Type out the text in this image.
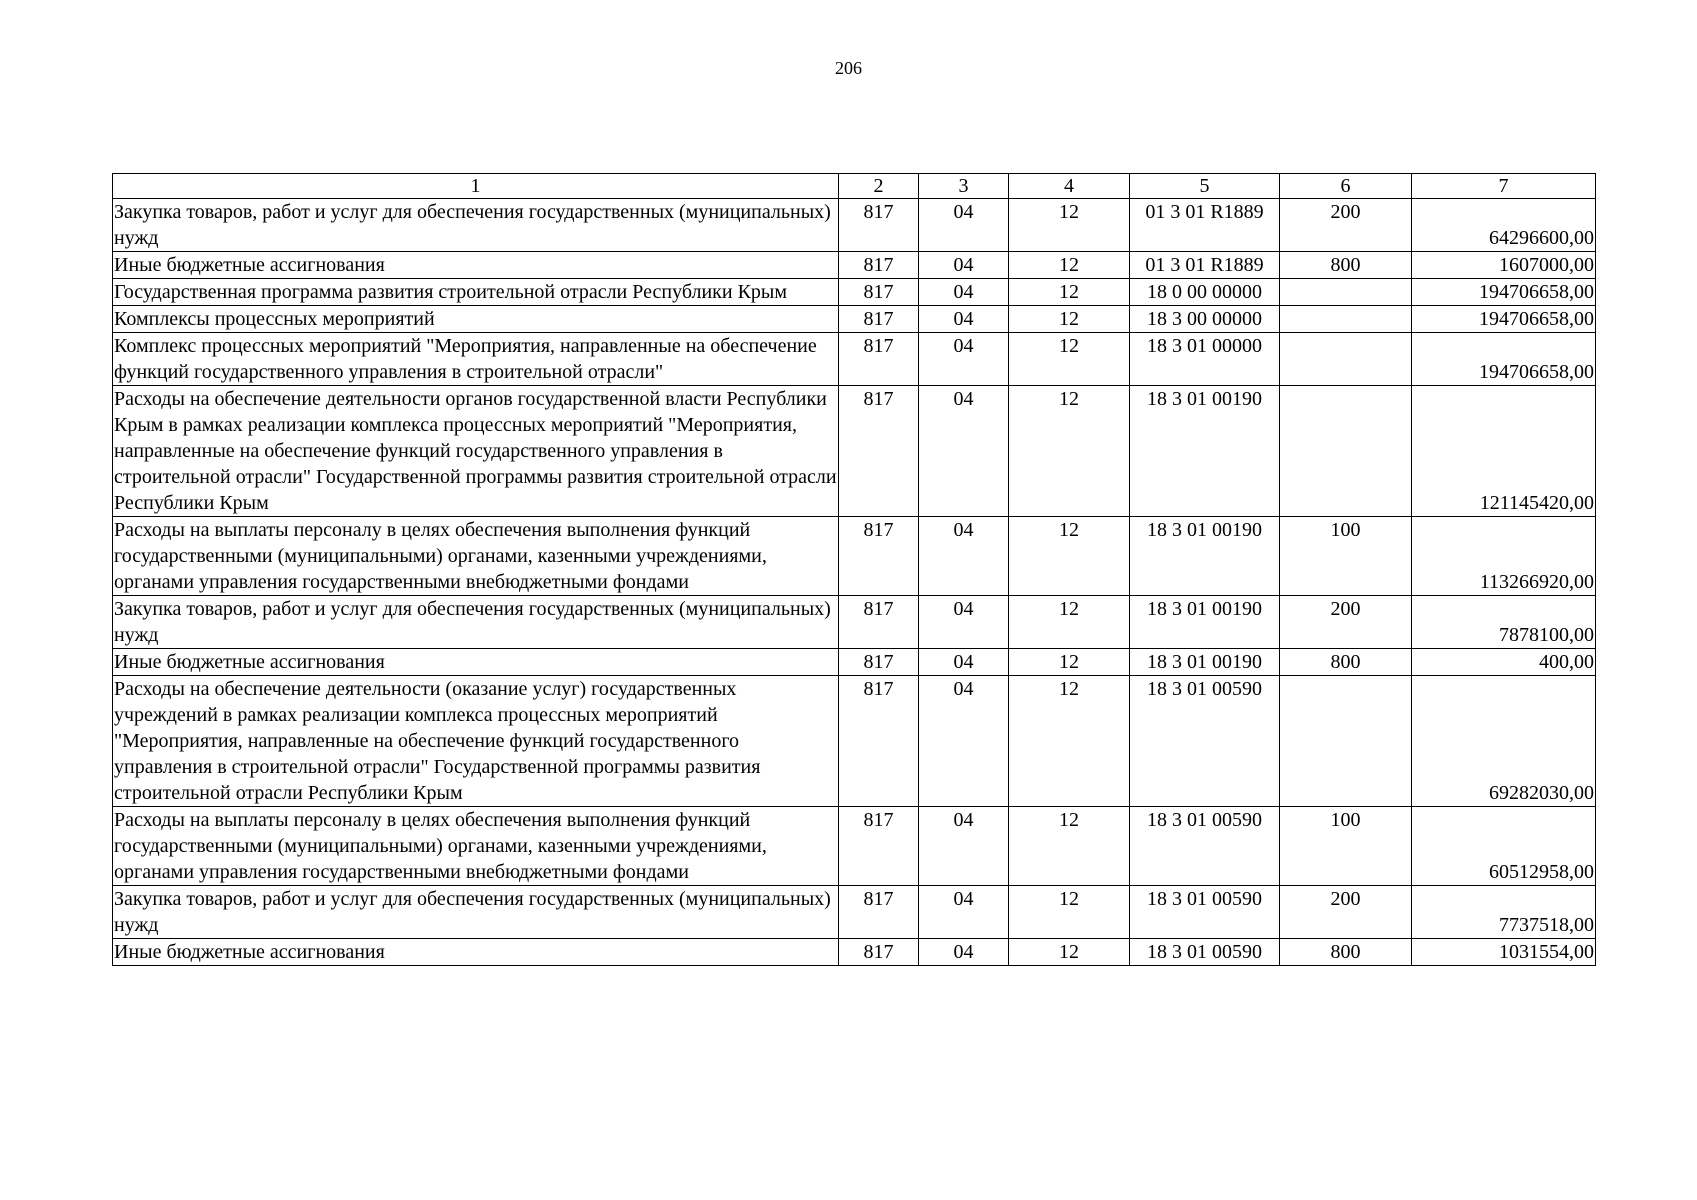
206
1	2	3	4	5	6	7
Закупка товаров, работ и услуг для обеспечения государственных (муниципальных) нужд	817	04	12	01 3 01 R1889	200	64296600,00
Иные бюджетные ассигнования	817	04	12	01 3 01 R1889	800	1607000,00
Государственная программа развития строительной отрасли Республики Крым	817	04	12	18 0 00 00000		194706658,00
Комплексы процессных мероприятий	817	04	12	18 3 00 00000		194706658,00
Комплекс процессных мероприятий "Мероприятия, направленные на обеспечение функций государственного управления в строительной отрасли"	817	04	12	18 3 01 00000		194706658,00
Расходы на обеспечение деятельности органов государственной власти Республики Крым в рамках реализации комплекса процессных мероприятий "Мероприятия, направленные на обеспечение функций государственного управления в строительной отрасли" Государственной программы развития строительной отрасли Республики Крым	817	04	12	18 3 01 00190		121145420,00
Расходы на выплаты персоналу в целях обеспечения выполнения функций государственными (муниципальными) органами, казенными учреждениями, органами управления государственными внебюджетными фондами	817	04	12	18 3 01 00190	100	113266920,00
Закупка товаров, работ и услуг для обеспечения государственных (муниципальных) нужд	817	04	12	18 3 01 00190	200	7878100,00
Иные бюджетные ассигнования	817	04	12	18 3 01 00190	800	400,00
Расходы на обеспечение деятельности (оказание услуг) государственных учреждений в рамках реализации комплекса процессных мероприятий "Мероприятия, направленные на обеспечение функций государственного управления в строительной отрасли" Государственной программы развития строительной отрасли Республики Крым	817	04	12	18 3 01 00590		69282030,00
Расходы на выплаты персоналу в целях обеспечения выполнения функций государственными (муниципальными) органами, казенными учреждениями, органами управления государственными внебюджетными фондами	817	04	12	18 3 01 00590	100	60512958,00
Закупка товаров, работ и услуг для обеспечения государственных (муниципальных) нужд	817	04	12	18 3 01 00590	200	7737518,00
Иные бюджетные ассигнования	817	04	12	18 3 01 00590	800	1031554,00
